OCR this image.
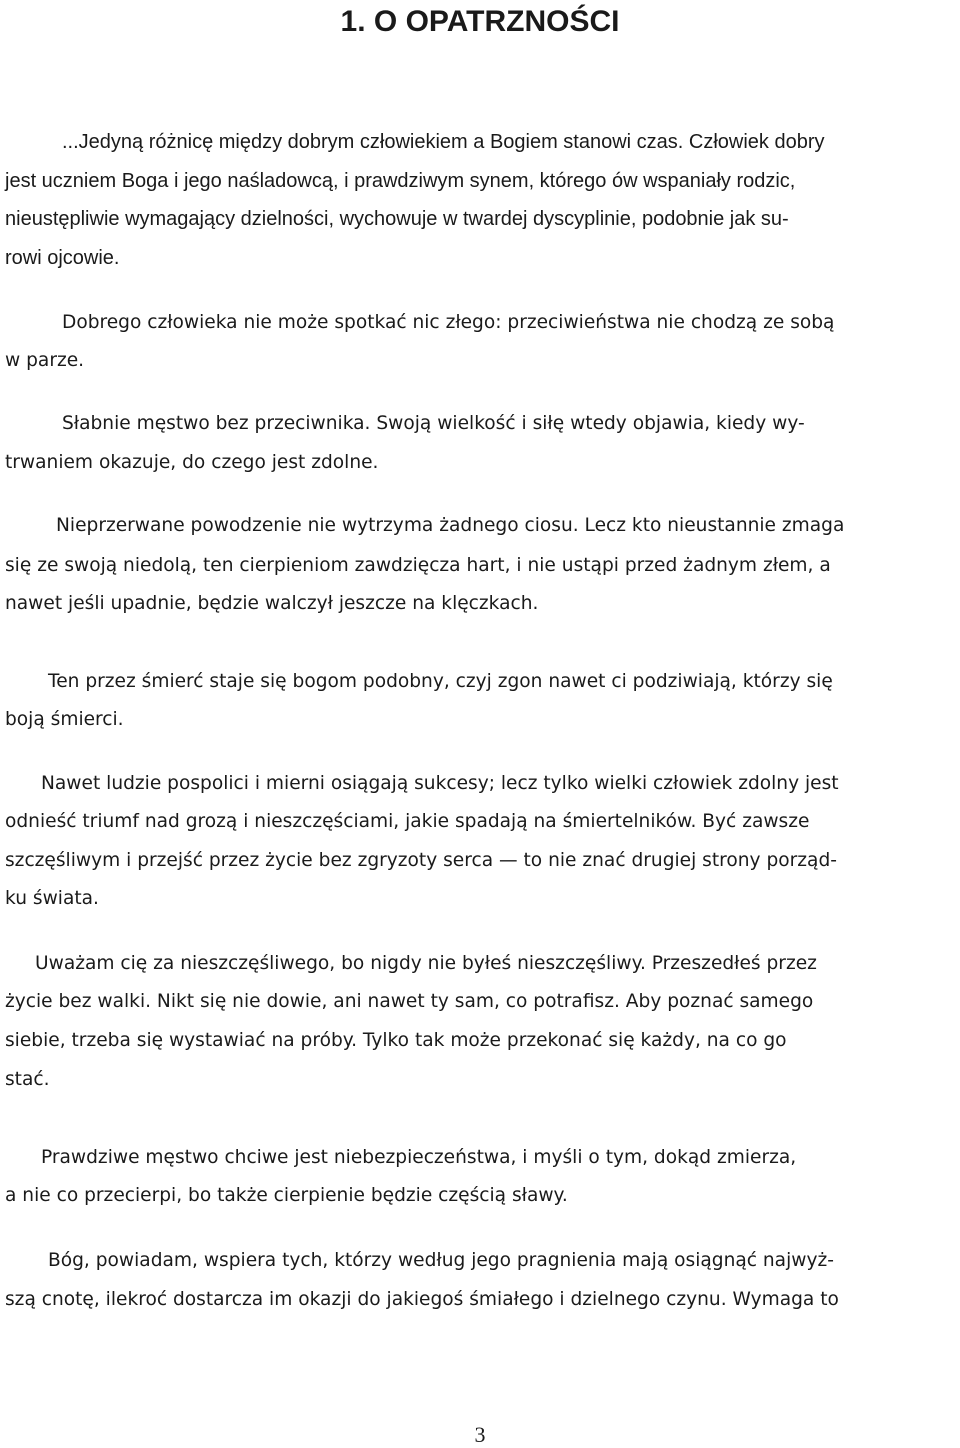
1. O OPATRZNOŚCI

...Jedyną różnicę między dobrym człowiekiem a Bogiem stanowi czas. Człowiek dobry

jest uczniem Boga i jego naśladowcą, i prawdziwym synem, którego ów wspaniały rodzic,

nieustępliwie wymagający dzielności, wychowuje w twardej dyscyplinie, podobnie jak su-

rowi ojcowie.

Dobrego człowieka nie może spotkać nic złego: przeciwieństwa nie chodzą ze sobą

w parze.

Słabnie męstwo bez przeciwnika. Swoją wielkość i siłę wtedy objawia, kiedy wy-

trwaniem okazuje, do czego jest zdolne.

Nieprzerwane powodzenie nie wytrzyma żadnego ciosu. Lecz kto nieustannie zmaga

się ze swoją niedolą, ten cierpieniom zawdzięcza hart, i nie ustąpi przed żadnym złem, a

nawet jeśli upadnie, będzie walczył jeszcze na klęczkach.

Ten przez śmierć staje się bogom podobny, czyj zgon nawet ci podziwiają, którzy się

boją śmierci.

Nawet ludzie pospolici i mierni osiągają sukcesy; lecz tylko wielki człowiek zdolny jest

odnieść triumf nad grozą i nieszczęściami, jakie spadają na śmiertelników. Być zawsze

szczęśliwym i przejść przez życie bez zgryzoty serca — to nie znać drugiej strony porząd-

ku świata.

Uważam cię za nieszczęśliwego, bo nigdy nie byłeś nieszczęśliwy. Przeszedłeś przez

życie bez walki. Nikt się nie dowie, ani nawet ty sam, co potrafisz. Aby poznać samego

siebie, trzeba się wystawiać na próby. Tylko tak może przekonać się każdy, na co go

stać.

Prawdziwe męstwo chciwe jest niebezpieczeństwa, i myśli o tym, dokąd zmierza,

a nie co przecierpi, bo także cierpienie będzie częścią sławy.

Bóg, powiadam, wspiera tych, którzy według jego pragnienia mają osiągnąć najwyż-

szą cnotę, ilekroć dostarcza im okazji do jakiegoś śmiałego i dzielnego czynu. Wymaga to

3
